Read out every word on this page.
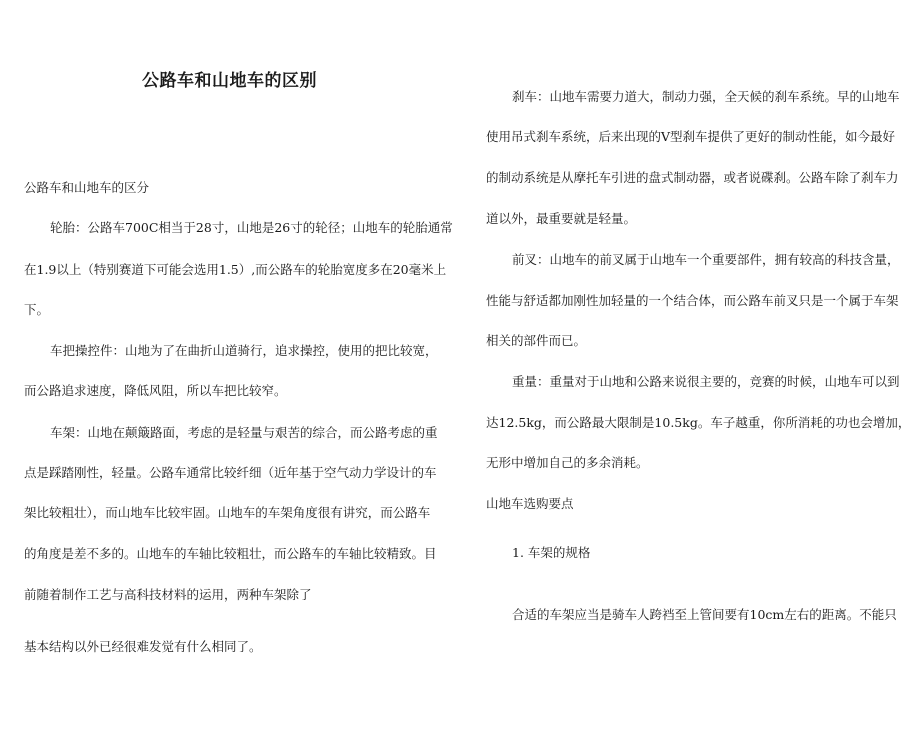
公路车和山地车的区别
公路车和山地车的区分
轮胎：公路车700C相当于28寸，山地是26寸的轮径；山地车的轮胎通常
在1.9以上（特别赛道下可能会选用1.5）,而公路车的轮胎宽度多在20毫米上
下。
车把操控件：山地为了在曲折山道骑行，追求操控，使用的把比较宽，
而公路追求速度，降低风阻，所以车把比较窄。
车架：山地在颠簸路面，考虑的是轻量与艰苦的综合，而公路考虑的重
点是踩踏刚性，轻量。公路车通常比较纤细（近年基于空气动力学设计的车
架比较粗壮），而山地车比较牢固。山地车的车架角度很有讲究，而公路车
的角度是差不多的。山地车的车轴比较粗壮，而公路车的车轴比较精致。目
前随着制作工艺与高科技材料的运用，两种车架除了
基本结构以外已经很难发觉有什么相同了。
刹车：山地车需要力道大，制动力强，全天候的刹车系统。早的山地车
使用吊式刹车系统，后来出现的V型刹车提供了更好的制动性能，如今最好
的制动系统是从摩托车引进的盘式制动器，或者说碟刹。公路车除了刹车力
道以外，最重要就是轻量。
前叉：山地车的前叉属于山地车一个重要部件，拥有较高的科技含量，
性能与舒适都加刚性加轻量的一个结合体，而公路车前叉只是一个属于车架
相关的部件而已。
重量：重量对于山地和公路来说很主要的，竞赛的时候，山地车可以到
达12.5kg，而公路最大限制是10.5kg。车子越重，你所消耗的功也会增加，
无形中增加自己的多余消耗。
山地车选购要点
1. 车架的规格
合适的车架应当是骑车人跨裆至上管间要有10cm左右的距离。不能只
